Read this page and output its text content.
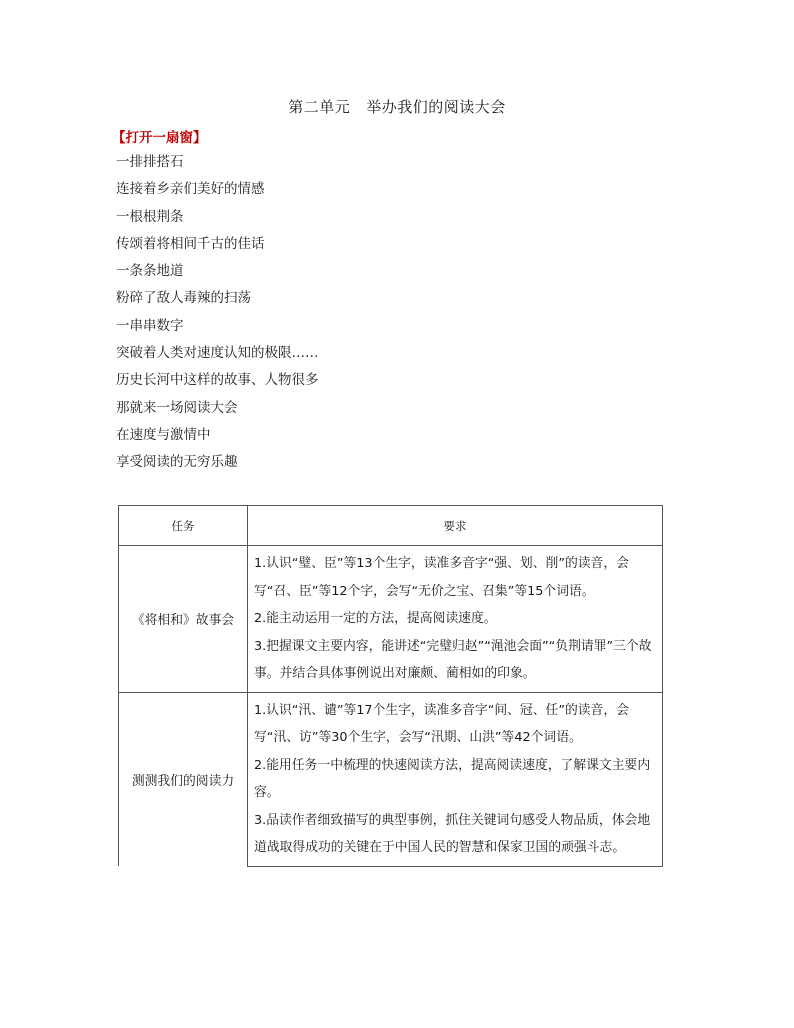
第二单元 举办我们的阅读大会
【打开一扇窗】
一排排搭石
连接着乡亲们美好的情感
一根根荆条
传颂着将相间千古的佳话
一条条地道
粉碎了敌人毒辣的扫荡
一串串数字
突破着人类对速度认知的极限……
历史长河中这样的故事、人物很多
那就来一场阅读大会
在速度与激情中
享受阅读的无穷乐趣
任务	要求
《将相和》故事会	1.认识“璧、臣”等13个生字，读准多音字“强、划、削”的读音，会写“召、臣”等12个字，会写“无价之宝、召集”等15个词语。

2.能主动运用一定的方法，提高阅读速度。

3.把握课文主要内容，能讲述“完璧归赵”“渑池会面”“负荆请罪”三个故事。并结合具体事例说出对廉颇、蔺相如的印象。

测测我们的阅读力	1.认识“汛、谴”等17个生字，读准多音字“间、冠、任”的读音，会写“汛、访”等30个生字，会写“汛期、山洪”等42个词语。

2.能用任务一中梳理的快速阅读方法，提高阅读速度，了解课文主要内容。

3.品读作者细致描写的典型事例，抓住关键词句感受人物品质，体会地道战取得成功的关键在于中国人民的智慧和保家卫国的顽强斗志。
